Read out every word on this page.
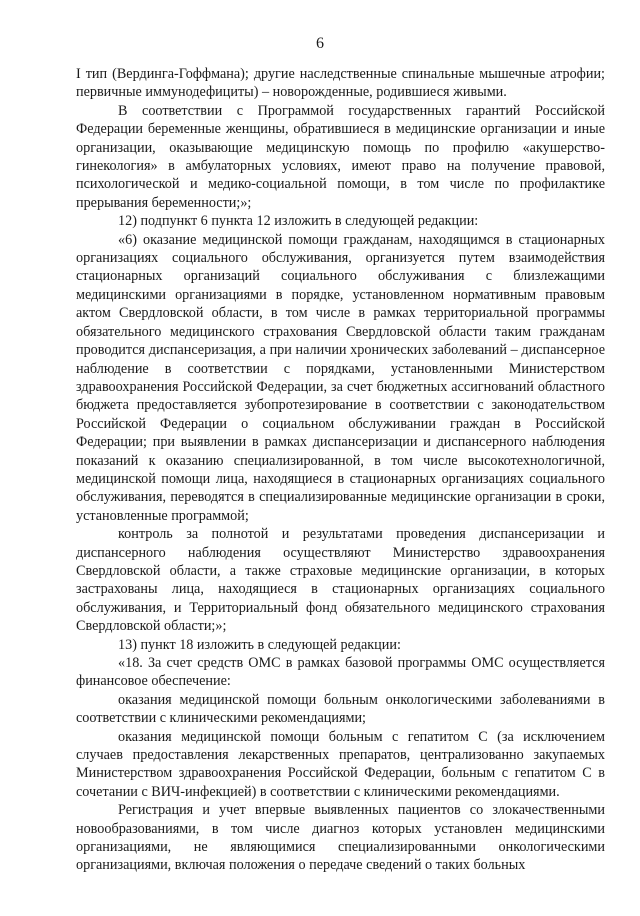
6

I тип (Вердинга-Гоффмана); другие наследственные спинальные мышечные атрофии; первичные иммунодефициты) – новорожденные, родившиеся живыми.

В соответствии с Программой государственных гарантий Российской Федерации беременные женщины, обратившиеся в медицинские организации и иные организации, оказывающие медицинскую помощь по профилю «акушерство-гинекология» в амбулаторных условиях, имеют право на получение правовой, психологической и медико-социальной помощи, в том числе по профилактике прерывания беременности;»;

12) подпункт 6 пункта 12 изложить в следующей редакции:

«6) оказание медицинской помощи гражданам, находящимся в стационарных организациях социального обслуживания, организуется путем взаимодействия стационарных организаций социального обслуживания с близлежащими медицинскими организациями в порядке, установленном нормативным правовым актом Свердловской области, в том числе в рамках территориальной программы обязательного медицинского страхования Свердловской области таким гражданам проводится диспансеризация, а при наличии хронических заболеваний – диспансерное наблюдение в соответствии с порядками, установленными Министерством здравоохранения Российской Федерации, за счет бюджетных ассигнований областного бюджета предоставляется зубопротезирование в соответствии с законодательством Российской Федерации о социальном обслуживании граждан в Российской Федерации; при выявлении в рамках диспансеризации и диспансерного наблюдения показаний к оказанию специализированной, в том числе высокотехнологичной, медицинской помощи лица, находящиеся в стационарных организациях социального обслуживания, переводятся в специализированные медицинские организации в сроки, установленные программой;

контроль за полнотой и результатами проведения диспансеризации и диспансерного наблюдения осуществляют Министерство здравоохранения Свердловской области, а также страховые медицинские организации, в которых застрахованы лица, находящиеся в стационарных организациях социального обслуживания, и Территориальный фонд обязательного медицинского страхования Свердловской области;»;

13) пункт 18 изложить в следующей редакции:

«18. За счет средств ОМС в рамках базовой программы ОМС осуществляется финансовое обеспечение:

оказания медицинской помощи больным онкологическими заболеваниями в соответствии с клиническими рекомендациями;

оказания медицинской помощи больным с гепатитом С (за исключением случаев предоставления лекарственных препаратов, централизованно закупаемых Министерством здравоохранения Российской Федерации, больным с гепатитом С в сочетании с ВИЧ-инфекцией) в соответствии с клиническими рекомендациями.

Регистрация и учет впервые выявленных пациентов со злокачественными новообразованиями, в том числе диагноз которых установлен медицинскими организациями, не являющимися специализированными онкологическими организациями, включая положения о передаче сведений о таких больных
